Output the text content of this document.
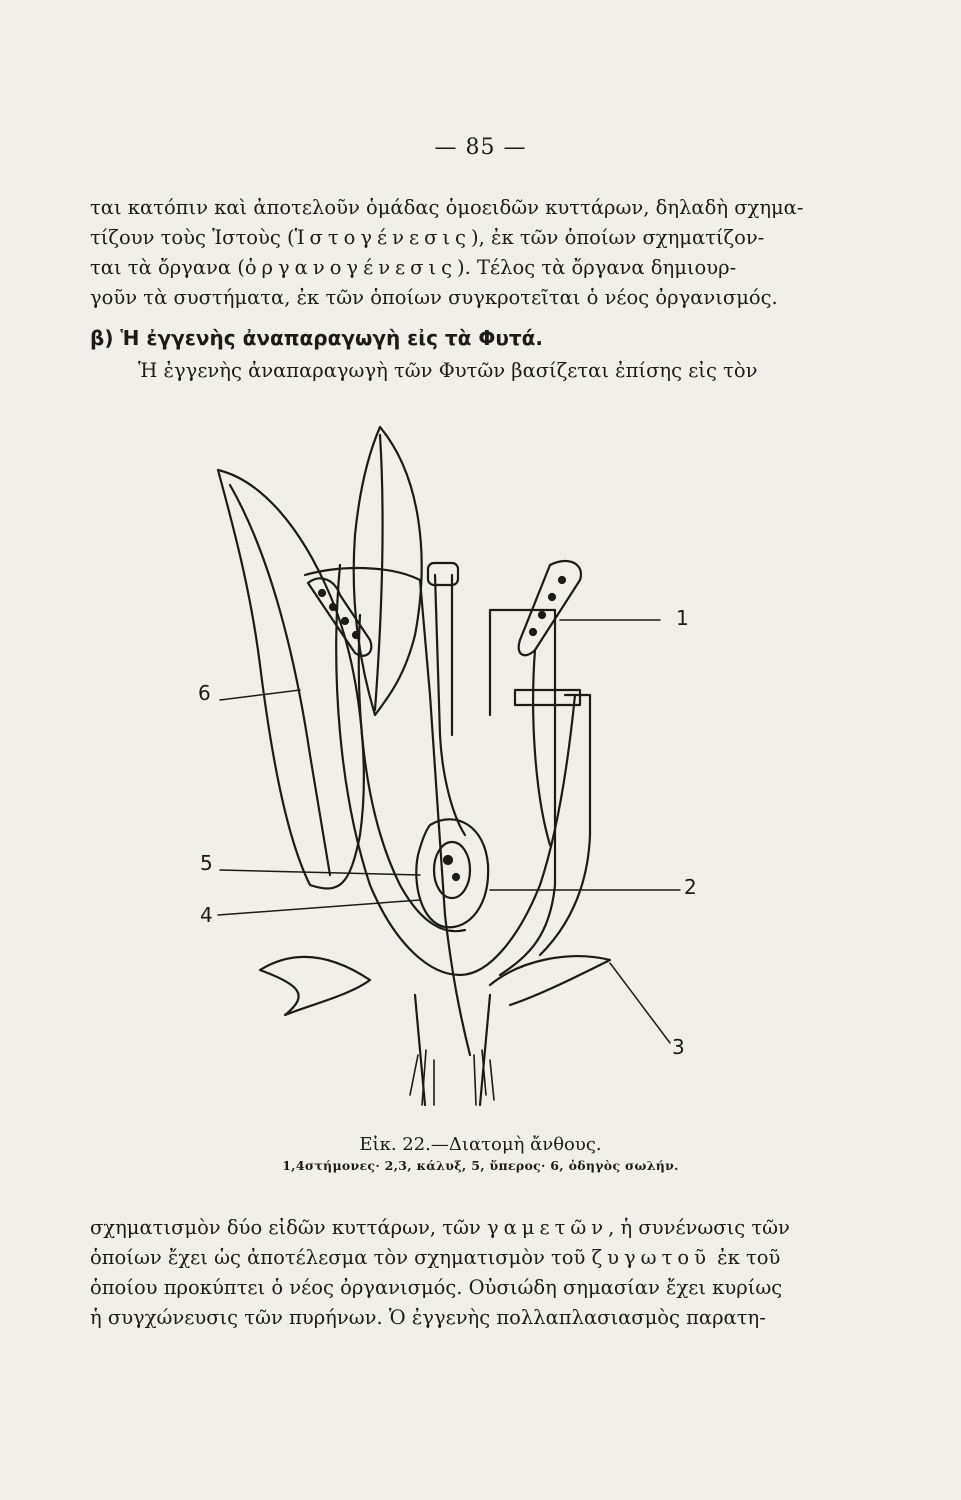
— 85 —
ται κατόπιν καὶ ἀποτελοῦν ὁμάδας ὁμοειδῶν κυττάρων, δηλαδὴ σχημα-
τίζουν τοὺς Ἱστοὺς (Ἱστογένεσις), ἐκ τῶν ὁποίων σχηματίζον-
ται τὰ ὄργανα (ὀργανογένεσις). Τέλος τὰ ὄργανα δημιουρ-
γοῦν τὰ συστήματα, ἐκ τῶν ὁποίων συγκροτεῖται ὁ νέος ὀργανισμός.
β) Ἡ ἐγγενὴς ἀναπαραγωγὴ εἰς τὰ Φυτά.
Ἡ ἐγγενὴς ἀναπαραγωγὴ τῶν Φυτῶν βασίζεται ἐπίσης εἰς τὸν
1
2
3
4
5
6
Εἰκ. 22.—Διατομὴ ἄνθους.
1,4στήμονες· 2,3, κάλυξ, 5, ὕπερος· 6, ὀδηγὸς σωλήν.
σχηματισμὸν δύο εἰδῶν κυττάρων, τῶν γαμετῶν, ἡ συνένωσις τῶν
ὁποίων ἔχει ὡς ἀποτέλεσμα τὸν σχηματισμὸν τοῦ ζυγωτοῦ ἐκ τοῦ
ὁποίου προκύπτει ὁ νέος ὀργανισμός. Οὐσιώδη σημασίαν ἔχει κυρίως
ἡ συγχώνευσις τῶν πυρήνων. Ὁ ἐγγενὴς πολλαπλασιασμὸς παρατη-
